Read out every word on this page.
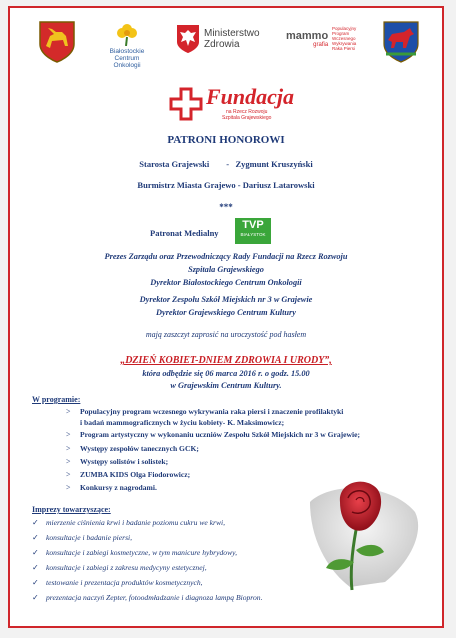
Białostockie
Centrum
Onkologii
Ministerstwo
Zdrowia
mammo
grafia
Populacyjny
Program
Wczesnego
Wykrywania
Raka Piersi
Fundacja
na Rzecz Rozwoju
Szpitala Grajewskiego
PATRONI HONOROWI
Starosta Grajewski        -   Zygmunt Kruszyński
Burmistrz Miasta Grajewo - Dariusz Latarowski
***
Patronat Medialny
TVP
BIAŁYSTOK
Prezes Zarządu oraz Przewodniczący Rady Fundacji na Rzecz Rozwoju
Szpitala Grajewskiego
Dyrektor Białostockiego Centrum Onkologii
Dyrektor Zespołu Szkół Miejskich nr 3 w Grajewie
Dyrektor Grajewskiego Centrum Kultury
mają zaszczyt zaprosić na uroczystość pod hasłem
„DZIEŃ KOBIET-DNIEM ZDROWIA I URODY”,
która odbędzie się 06 marca 2016 r. o godz. 15.00
w Grajewskim Centrum Kultury.
W programie:
> Populacyjny program wczesnego wykrywania raka piersi i znaczenie profilaktyki
i badań mammograficznych w życiu kobiety- K. Maksimowicz;
> Program artystyczny w wykonaniu uczniów Zespołu Szkół Miejskich nr 3 w Grajewie;
> Występy zespołów tanecznych GCK;
> Występy solistów i solistek;
> ZUMBA KIDS Olga Fiodorowicz;
> Konkursy z nagrodami.
Imprezy towarzyszące:
✓ mierzenie ciśnienia krwi i badanie poziomu cukru we krwi,
✓ konsultacje i badanie piersi,
✓ konsultacje i zabiegi kosmetyczne, w tym manicure hybrydowy,
✓ konsultacje i zabiegi z zakresu medycyny estetycznej,
✓ testowanie i prezentacja produktów kosmetycznych,
✓ prezentacja naczyń Zepter, fotoodmładzanie i diagnoza lampą Biopron.
